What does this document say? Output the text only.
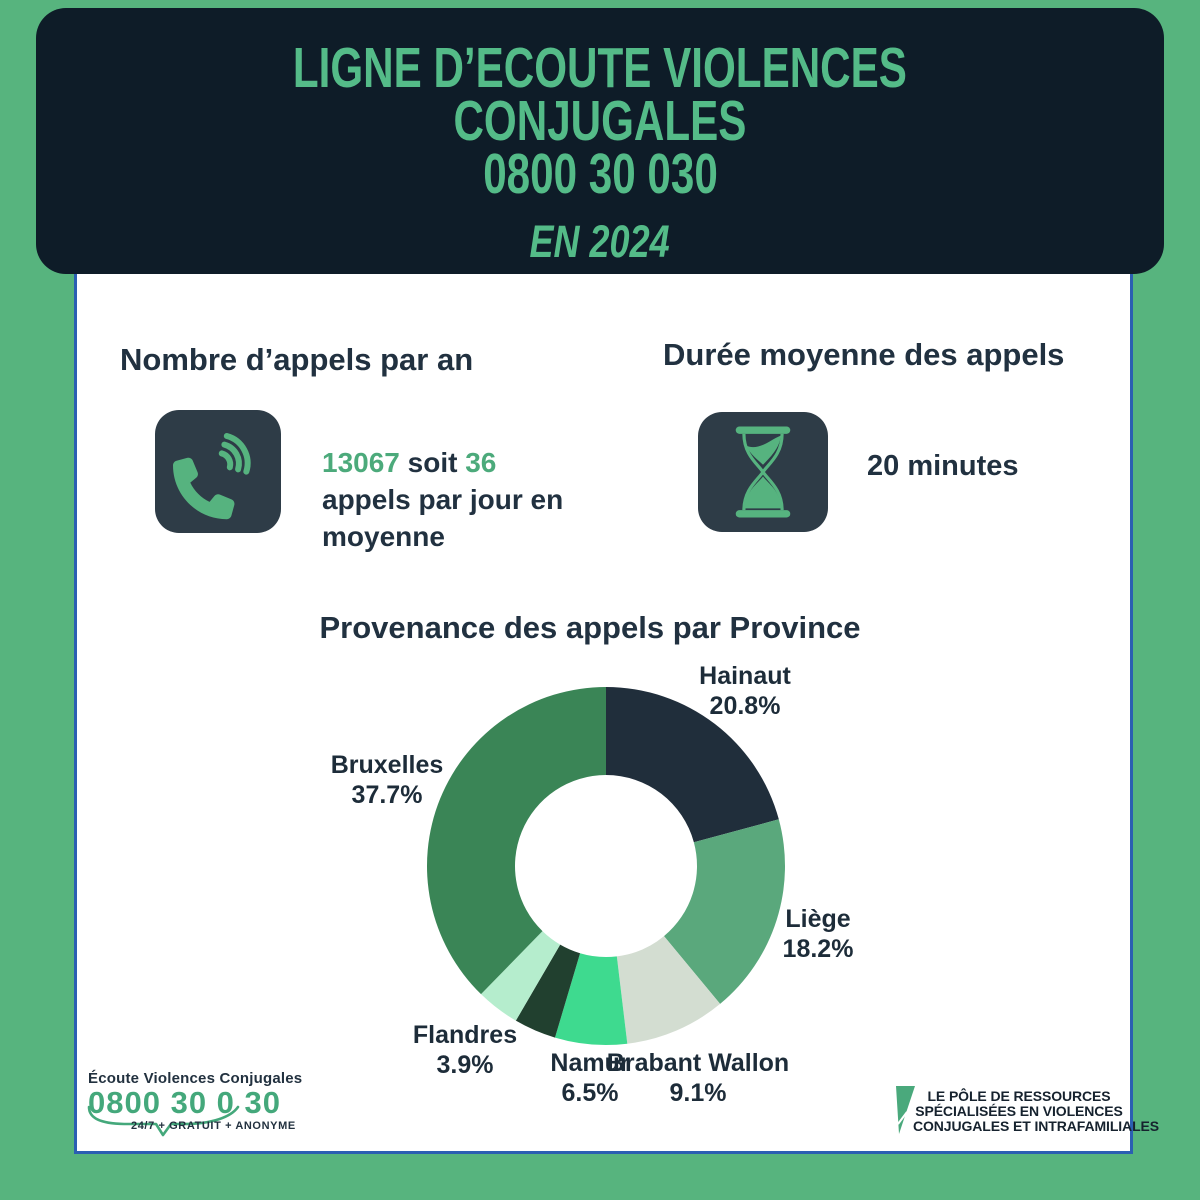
LIGNE D’ECOUTE VIOLENCES
CONJUGALES
0800 30 030
EN 2024
Nombre d’appels par an
13067 soit 36 appels par jour en moyenne
Durée moyenne des appels
20 minutes
Provenance des appels par Province
Hainaut
20.8%
Liège
18.2%
Brabant Wallon
9.1%
Namur
6.5%
Flandres
3.9%
Bruxelles
37.7%
Écoute Violences Conjugales
0800 30 0 30
24/7 + GRATUIT + ANONYME
LE PÔLE DE RESSOURCES
SPÉCIALISÉES EN VIOLENCES
CONJUGALES ET INTRAFAMILIALES
